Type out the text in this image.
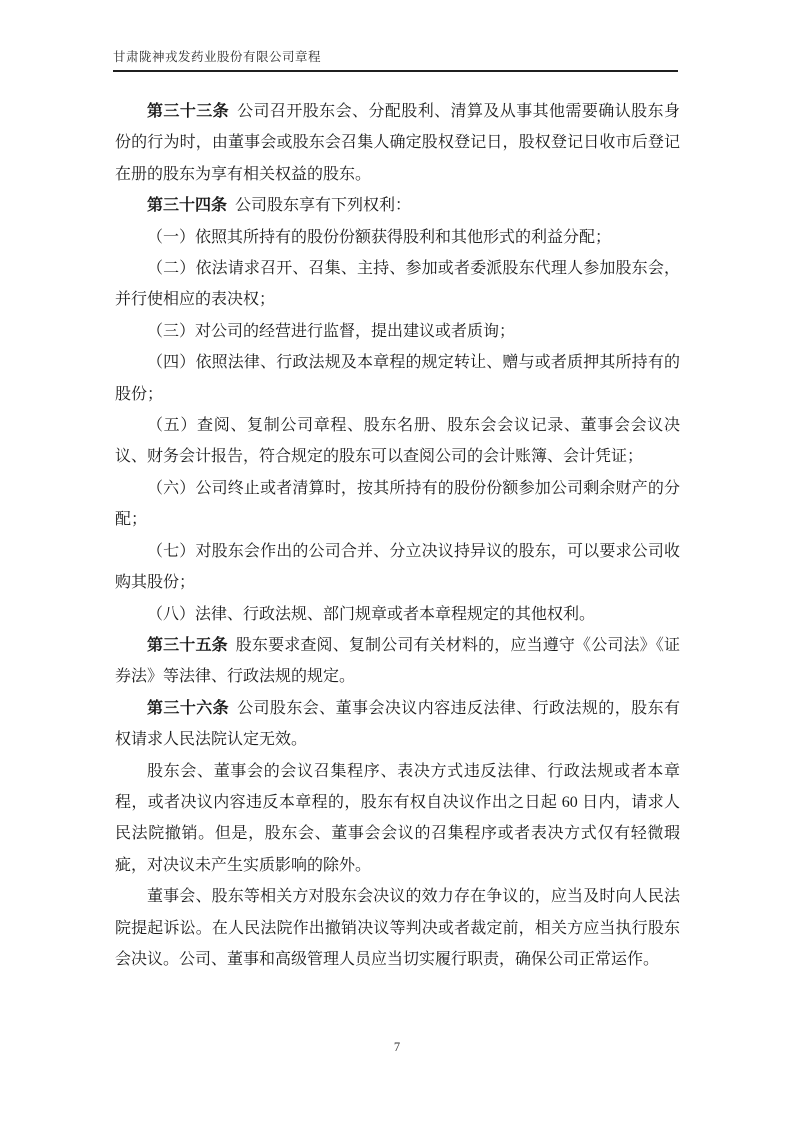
甘肃陇神戎发药业股份有限公司章程

第三十三条 公司召开股东会、分配股利、清算及从事其他需要确认股东身份的行为时，由董事会或股东会召集人确定股权登记日，股权登记日收市后登记在册的股东为享有相关权益的股东。

第三十四条 公司股东享有下列权利：

（一）依照其所持有的股份份额获得股利和其他形式的利益分配；

（二）依法请求召开、召集、主持、参加或者委派股东代理人参加股东会，并行使相应的表决权；

（三）对公司的经营进行监督，提出建议或者质询；

（四）依照法律、行政法规及本章程的规定转让、赠与或者质押其所持有的股份；

（五）查阅、复制公司章程、股东名册、股东会会议记录、董事会会议决议、财务会计报告，符合规定的股东可以查阅公司的会计账簿、会计凭证；

（六）公司终止或者清算时，按其所持有的股份份额参加公司剩余财产的分配；

（七）对股东会作出的公司合并、分立决议持异议的股东，可以要求公司收购其股份；

（八）法律、行政法规、部门规章或者本章程规定的其他权利。

第三十五条 股东要求查阅、复制公司有关材料的，应当遵守《公司法》《证券法》等法律、行政法规的规定。

第三十六条 公司股东会、董事会决议内容违反法律、行政法规的，股东有权请求人民法院认定无效。

股东会、董事会的会议召集程序、表决方式违反法律、行政法规或者本章程，或者决议内容违反本章程的，股东有权自决议作出之日起 60 日内，请求人民法院撤销。但是，股东会、董事会会议的召集程序或者表决方式仅有轻微瑕疵，对决议未产生实质影响的除外。

董事会、股东等相关方对股东会决议的效力存在争议的，应当及时向人民法院提起诉讼。在人民法院作出撤销决议等判决或者裁定前，相关方应当执行股东会决议。公司、董事和高级管理人员应当切实履行职责，确保公司正常运作。

7
